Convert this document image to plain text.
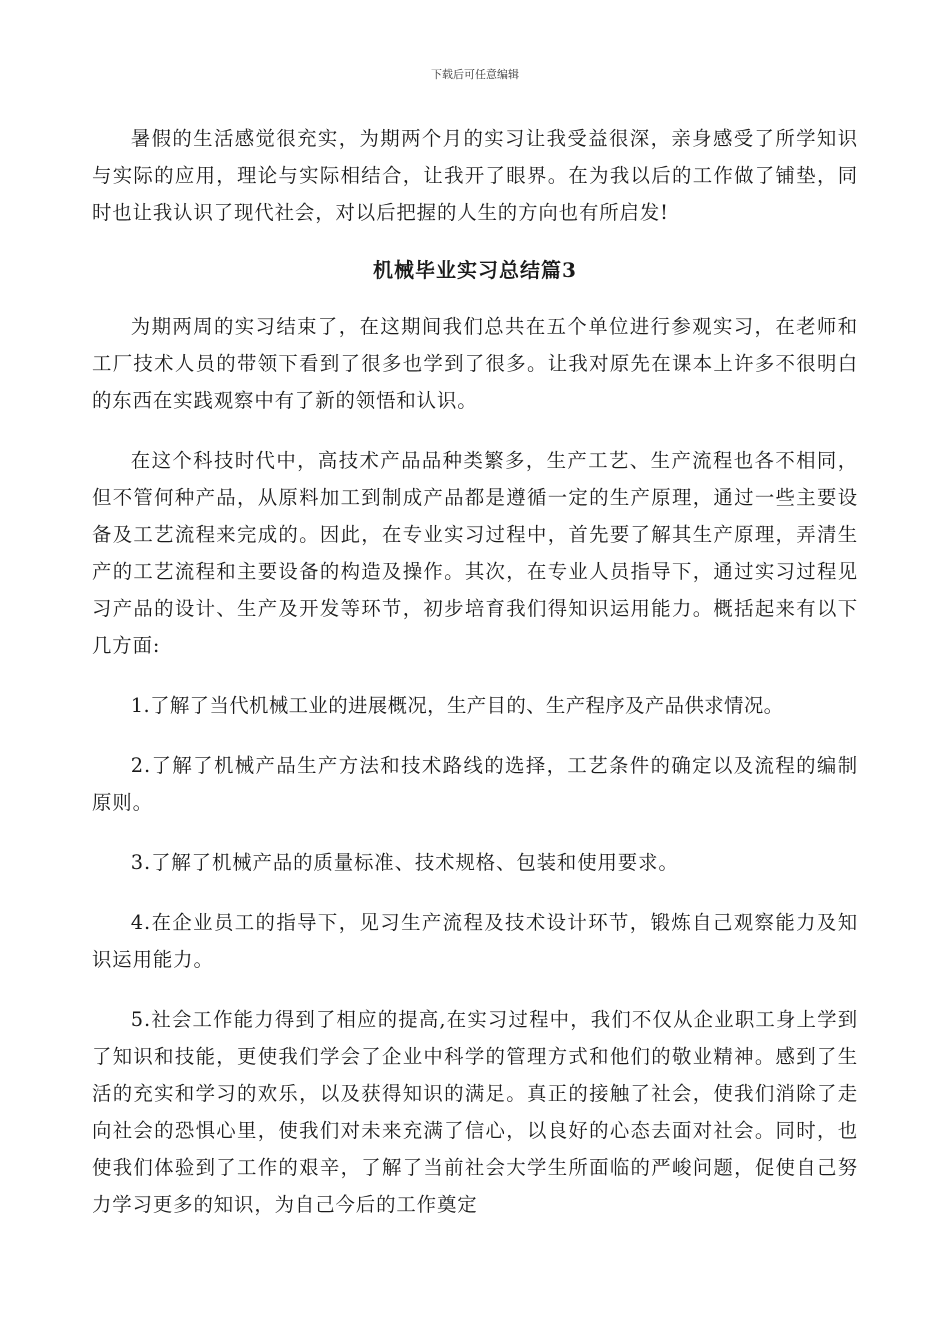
下载后可任意编辑

暑假的生活感觉很充实，为期两个月的实习让我受益很深，亲身感受了所学知识与实际的应用，理论与实际相结合，让我开了眼界。在为我以后的工作做了铺垫，同时也让我认识了现代社会，对以后把握的人生的方向也有所启发!

机械毕业实习总结篇3

为期两周的实习结束了，在这期间我们总共在五个单位进行参观实习，在老师和工厂技术人员的带领下看到了很多也学到了很多。让我对原先在课本上许多不很明白的东西在实践观察中有了新的领悟和认识。

在这个科技时代中，高技术产品品种类繁多，生产工艺、生产流程也各不相同，但不管何种产品，从原料加工到制成产品都是遵循一定的生产原理，通过一些主要设备及工艺流程来完成的。因此，在专业实习过程中，首先要了解其生产原理，弄清生产的工艺流程和主要设备的构造及操作。其次，在专业人员指导下，通过实习过程见习产品的设计、生产及开发等环节，初步培育我们得知识运用能力。概括起来有以下几方面:

1.了解了当代机械工业的进展概况，生产目的、生产程序及产品供求情况。

2.了解了机械产品生产方法和技术路线的选择，工艺条件的确定以及流程的编制原则。

3.了解了机械产品的质量标准、技术规格、包装和使用要求。

4.在企业员工的指导下，见习生产流程及技术设计环节，锻炼自己观察能力及知识运用能力。

5.社会工作能力得到了相应的提高,在实习过程中，我们不仅从企业职工身上学到了知识和技能，更使我们学会了企业中科学的管理方式和他们的敬业精神。感到了生活的充实和学习的欢乐，以及获得知识的满足。真正的接触了社会，使我们消除了走向社会的恐惧心里，使我们对未来充满了信心，以良好的心态去面对社会。同时，也使我们体验到了工作的艰辛，了解了当前社会大学生所面临的严峻问题，促使自己努力学习更多的知识，为自己今后的工作奠定
